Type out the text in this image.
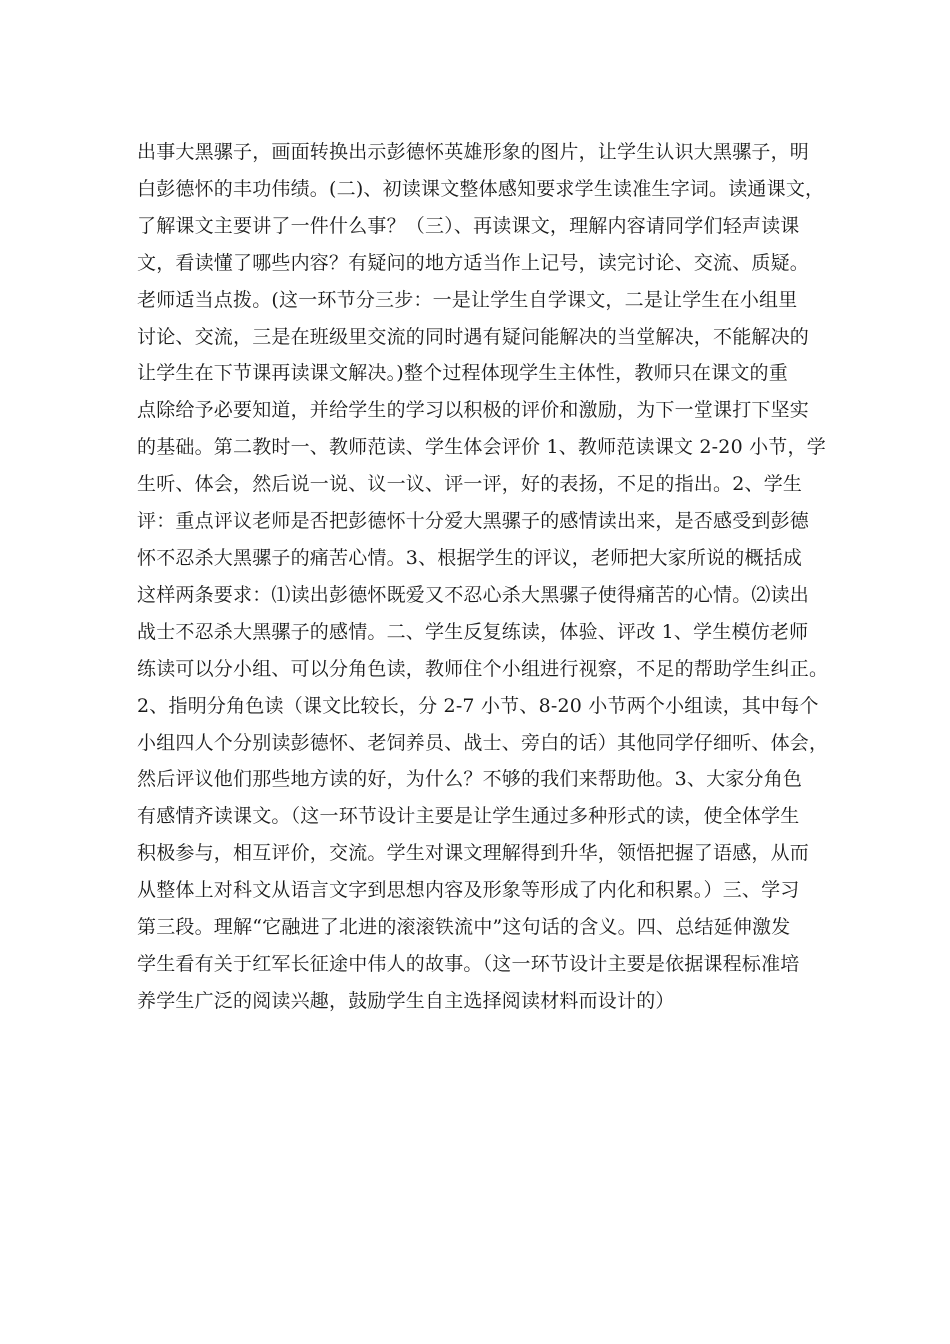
出事大黑骡子，画面转换出示彭德怀英雄形象的图片，让学生认识大黑骡子，明
白彭德怀的丰功伟绩。(二)、初读课文整体感知要求学生读准生字词。读通课文，
了解课文主要讲了一件什么事？（三）、再读课文，理解内容请同学们轻声读课
文，看读懂了哪些内容？有疑问的地方适当作上记号，读完讨论、交流、质疑。
老师适当点拨。(这一环节分三步：一是让学生自学课文，二是让学生在小组里
讨论、交流，三是在班级里交流的同时遇有疑问能解决的当堂解决，不能解决的
让学生在下节课再读课文解决。)整个过程体现学生主体性，教师只在课文的重
点除给予必要知道，并给学生的学习以积极的评价和激励，为下一堂课打下坚实
的基础。第二教时一、教师范读、学生体会评价 1、教师范读课文 2-20 小节，学
生听、体会，然后说一说、议一议、评一评，好的表扬，不足的指出。2、学生
评：重点评议老师是否把彭德怀十分爱大黑骡子的感情读出来，是否感受到彭德
怀不忍杀大黑骡子的痛苦心情。3、根据学生的评议，老师把大家所说的概括成
这样两条要求：⑴读出彭德怀既爱又不忍心杀大黑骡子使得痛苦的心情。⑵读出
战士不忍杀大黑骡子的感情。二、学生反复练读，体验、评改 1、学生模仿老师
练读可以分小组、可以分角色读，教师住个小组进行视察，不足的帮助学生纠正。
2、指明分角色读（课文比较长，分 2-7 小节、8-20 小节两个小组读，其中每个
小组四人个分别读彭德怀、老饲养员、战士、旁白的话）其他同学仔细听、体会，
然后评议他们那些地方读的好，为什么？不够的我们来帮助他。3、大家分角色
有感情齐读课文。（这一环节设计主要是让学生通过多种形式的读，使全体学生
积极参与，相互评价，交流。学生对课文理解得到升华，领悟把握了语感，从而
从整体上对科文从语言文字到思想内容及形象等形成了内化和积累。）三、学习
第三段。理解“它融进了北进的滚滚铁流中”这句话的含义。四、总结延伸激发
学生看有关于红军长征途中伟人的故事。（这一环节设计主要是依据课程标准培
养学生广泛的阅读兴趣，鼓励学生自主选择阅读材料而设计的）
